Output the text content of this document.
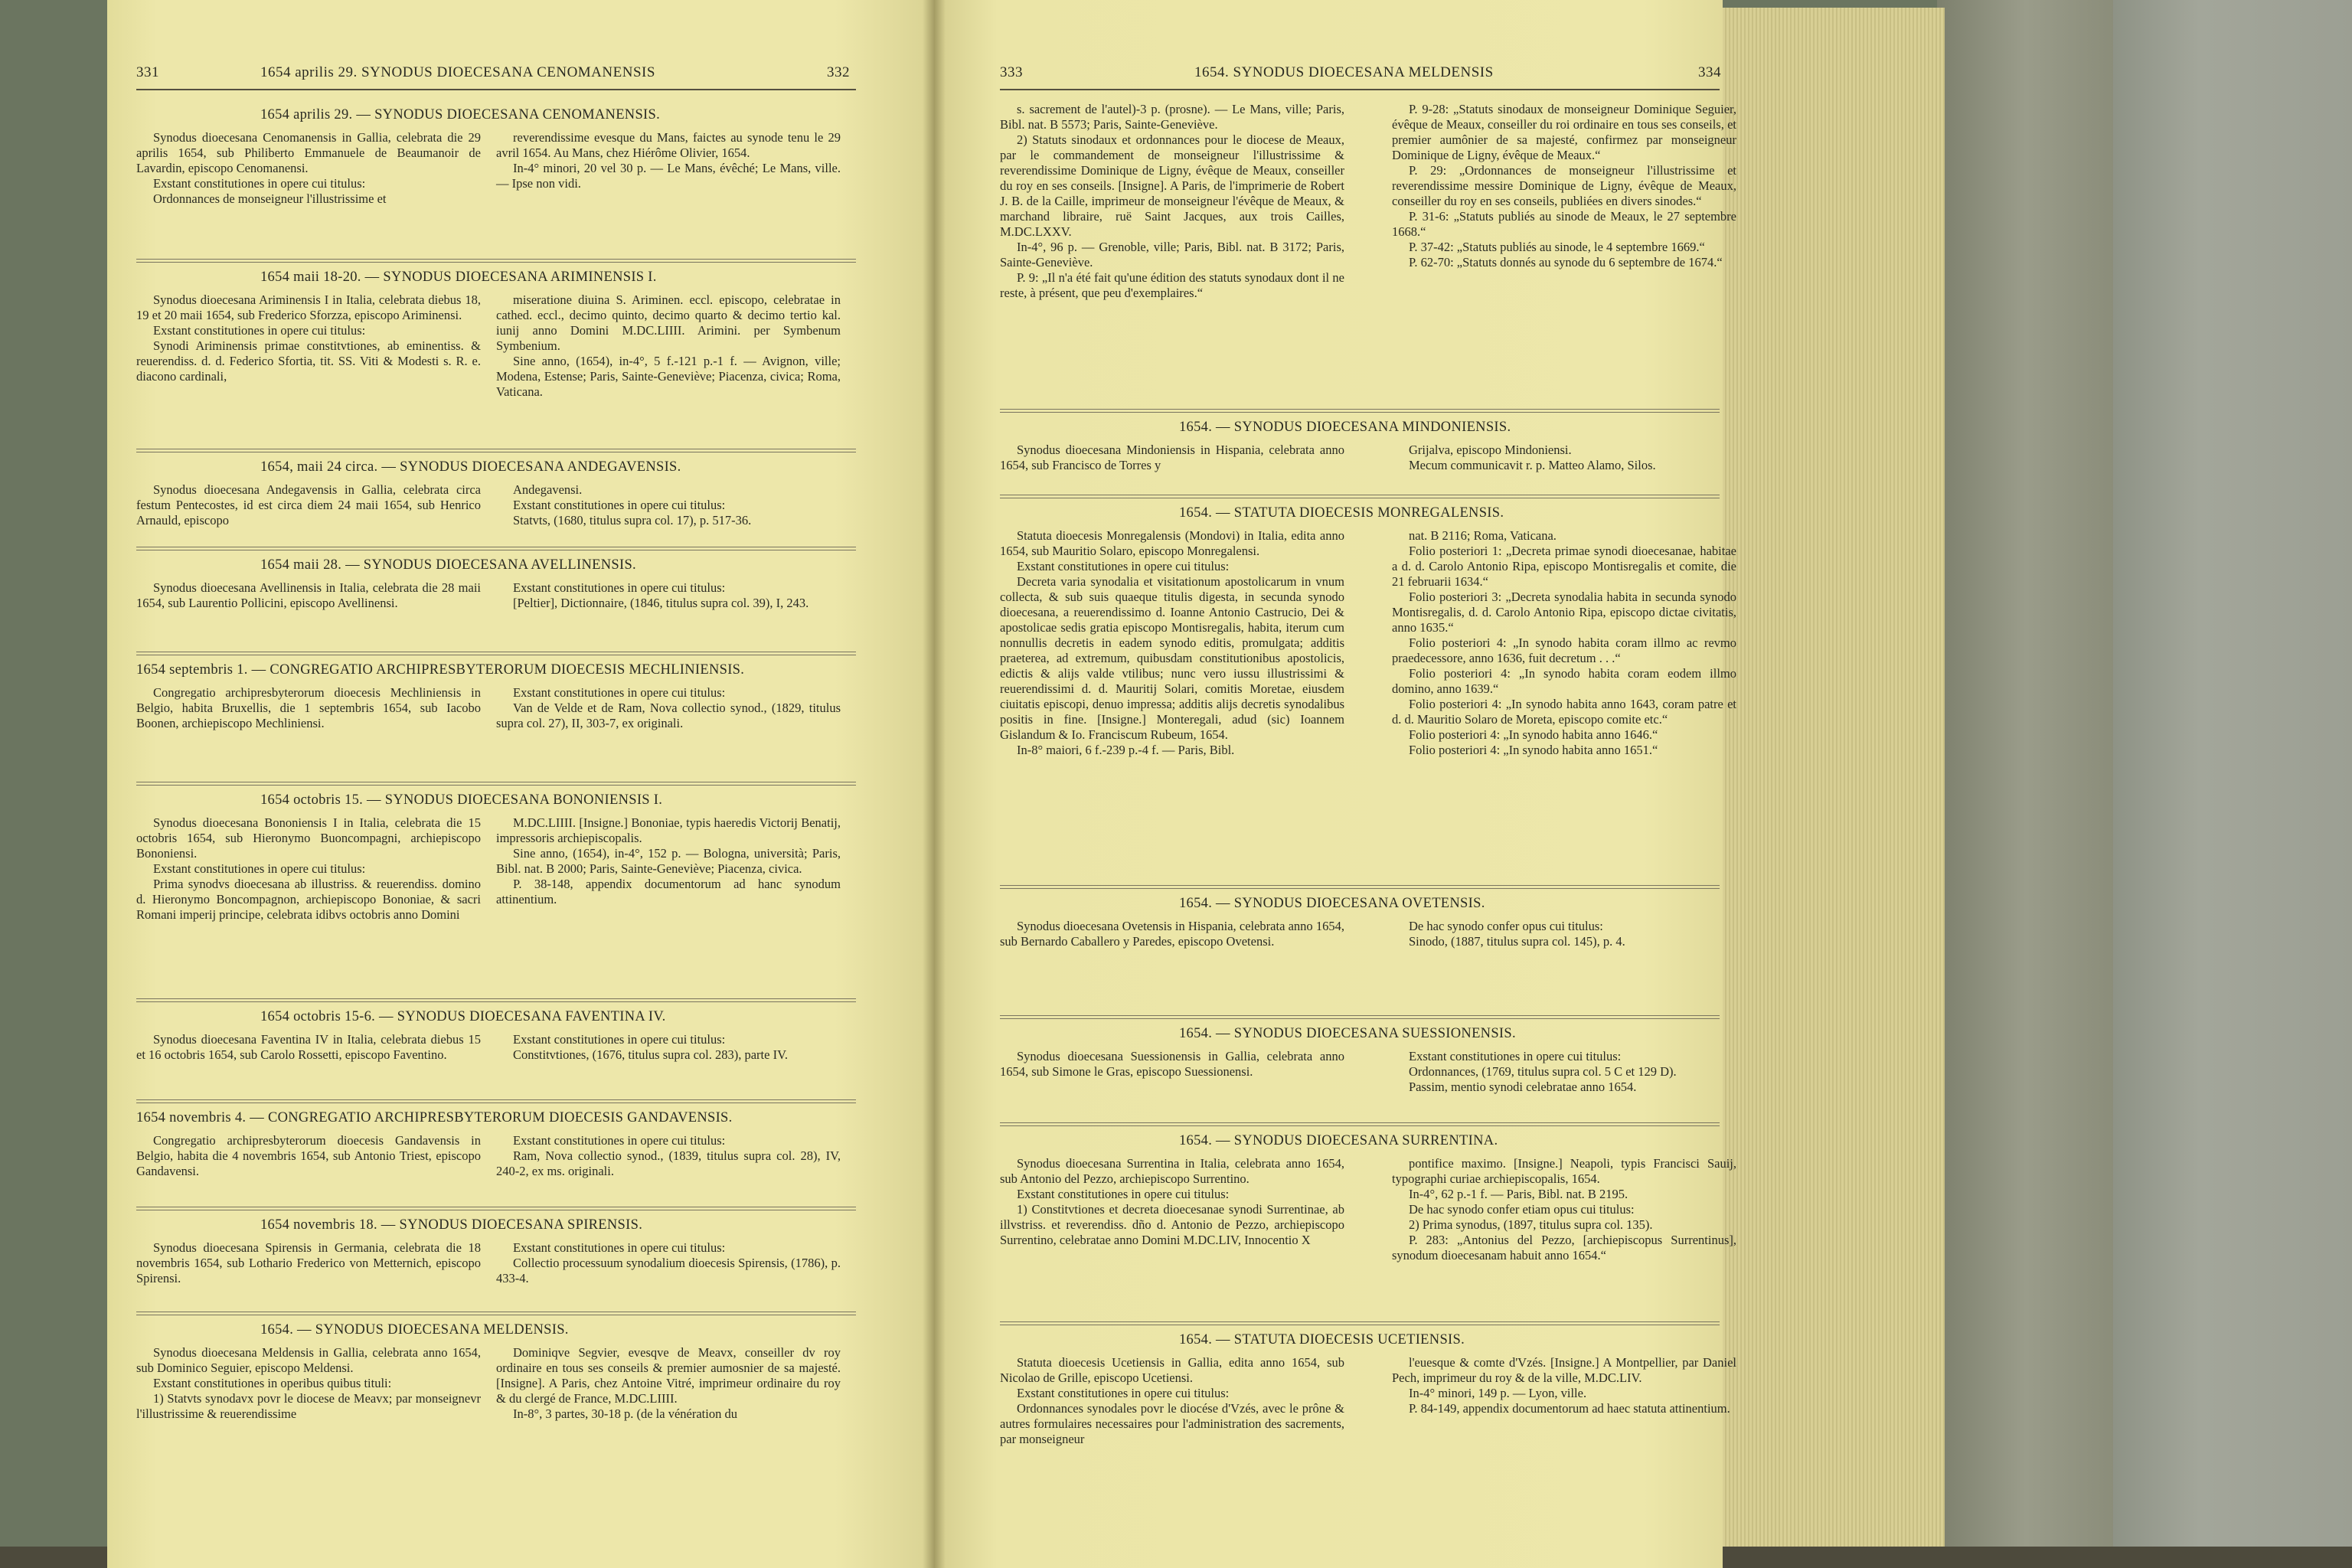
331	1654 aprilis 29. SYNODUS DIOECESANA CENOMANENSIS	332	333	1654. SYNODUS DIOECESANA MELDENSIS	334
1654 aprilis 29. — SYNODUS DIOECESANA CENOMANENSIS.

Synodus dioecesana Cenomanensis in Gallia, celebrata die 29 aprilis 1654, sub Philiberto Emmanuele de Beaumanoir de Lavardin, episcopo Cenomanensi.

Exstant constitutiones in opere cui titulus:

Ordonnances de monseigneur l'illustrissime et

reverendissime evesque du Mans, faictes au synode tenu le 29 avril 1654. Au Mans, chez Hiérôme Olivier, 1654.

In-4° minori, 20 vel 30 p. — Le Mans, évêché; Le Mans, ville. — Ipse non vidi.

1654 maii 18-20. — SYNODUS DIOECESANA ARIMINENSIS I.

Synodus dioecesana Ariminensis I in Italia, celebrata diebus 18, 19 et 20 maii 1654, sub Frederico Sforzza, episcopo Ariminensi.

Exstant constitutiones in opere cui titulus:

Synodi Ariminensis primae constitvtiones, ab eminentiss. & reuerendiss. d. d. Federico Sfortia, tit. SS. Viti & Modesti s. R. e. diacono cardinali,

miseratione diuina S. Ariminen. eccl. episcopo, celebratae in cathed. eccl., decimo quinto, decimo quarto & decimo tertio kal. iunij anno Domini M.DC.LIIII. Arimini. per Symbenum Symbenium.

Sine anno, (1654), in-4°, 5 f.-121 p.-1 f. — Avignon, ville; Modena, Estense; Paris, Sainte-Geneviève; Piacenza, civica; Roma, Vaticana.

1654, maii 24 circa. — SYNODUS DIOECESANA ANDEGAVENSIS.

Synodus dioecesana Andegavensis in Gallia, celebrata circa festum Pentecostes, id est circa diem 24 maii 1654, sub Henrico Arnauld, episcopo

Andegavensi.

Exstant constitutiones in opere cui titulus:

Statvts, (1680, titulus supra col. 17), p. 517-36.

1654 maii 28. — SYNODUS DIOECESANA AVELLINENSIS.

Synodus dioecesana Avellinensis in Italia, celebrata die 28 maii 1654, sub Laurentio Pollicini, episcopo Avellinensi.

Exstant constitutiones in opere cui titulus:

[Peltier], Dictionnaire, (1846, titulus supra col. 39), I, 243.

1654 septembris 1. — CONGREGATIO ARCHIPRESBYTERORUM DIOECESIS MECHLINIENSIS.

Congregatio archipresbyterorum dioecesis Mechliniensis in Belgio, habita Bruxellis, die 1 septembris 1654, sub Iacobo Boonen, archiepiscopo Mechliniensi.

Exstant constitutiones in opere cui titulus:

Van de Velde et de Ram, Nova collectio synod., (1829, titulus supra col. 27), II, 303-7, ex originali.

1654 octobris 15. — SYNODUS DIOECESANA BONONIENSIS I.

Synodus dioecesana Bononiensis I in Italia, celebrata die 15 octobris 1654, sub Hieronymo Buoncompagni, archiepiscopo Bononiensi.

Exstant constitutiones in opere cui titulus:

Prima synodvs dioecesana ab illustriss. & reuerendiss. domino d. Hieronymo Boncompagnon, archiepiscopo Bononiae, & sacri Romani imperij principe, celebrata idibvs octobris anno Domini

M.DC.LIIII. [Insigne.] Bononiae, typis haeredis Victorij Benatij, impressoris archiepiscopalis.

Sine anno, (1654), in-4°, 152 p. — Bologna, università; Paris, Bibl. nat. B 2000; Paris, Sainte-Geneviève; Piacenza, civica.

P. 38-148, appendix documentorum ad hanc synodum attinentium.

1654 octobris 15-6. — SYNODUS DIOECESANA FAVENTINA IV.

Synodus dioecesana Faventina IV in Italia, celebrata diebus 15 et 16 octobris 1654, sub Carolo Rossetti, episcopo Faventino.

Exstant constitutiones in opere cui titulus:

Constitvtiones, (1676, titulus supra col. 283), parte IV.

1654 novembris 4. — CONGREGATIO ARCHIPRESBYTERORUM DIOECESIS GANDAVENSIS.

Congregatio archipresbyterorum dioecesis Gandavensis in Belgio, habita die 4 novembris 1654, sub Antonio Triest, episcopo Gandavensi.

Exstant constitutiones in opere cui titulus:

Ram, Nova collectio synod., (1839, titulus supra col. 28), IV, 240-2, ex ms. originali.

1654 novembris 18. — SYNODUS DIOECESANA SPIRENSIS.

Synodus dioecesana Spirensis in Germania, celebrata die 18 novembris 1654, sub Lothario Frederico von Metternich, episcopo Spirensi.

Exstant constitutiones in opere cui titulus:

Collectio processuum synodalium dioecesis Spirensis, (1786), p. 433-4.

1654. — SYNODUS DIOECESANA MELDENSIS.

Synodus dioecesana Meldensis in Gallia, celebrata anno 1654, sub Dominico Seguier, episcopo Meldensi.

Exstant constitutiones in operibus quibus tituli:

1) Statvts synodavx povr le diocese de Meavx; par monseignevr l'illustrissime & reuerendissime

Dominiqve Segvier, evesqve de Meavx, conseiller dv roy ordinaire en tous ses conseils & premier aumosnier de sa majesté. [Insigne]. A Paris, chez Antoine Vitré, imprimeur ordinaire du roy & du clergé de France, M.DC.LIIII.

In-8°, 3 partes, 30-18 p. (de la vénération du

s. sacrement de l'autel)-3 p. (prosne). — Le Mans, ville; Paris, Bibl. nat. B 5573; Paris, Sainte-Geneviève.

2) Statuts sinodaux et ordonnances pour le diocese de Meaux, par le commandement de monseigneur l'illustrissime & reverendissime Dominique de Ligny, évêque de Meaux, conseiller du roy en ses conseils. [Insigne]. A Paris, de l'imprimerie de Robert J. B. de la Caille, imprimeur de monseigneur l'évêque de Meaux, & marchand libraire, ruë Saint Jacques, aux trois Cailles, M.DC.LXXV.

In-4°, 96 p. — Grenoble, ville; Paris, Bibl. nat. B 3172; Paris, Sainte-Geneviève.

P. 9: „Il n'a été fait qu'une édition des statuts synodaux dont il ne reste, à présent, que peu d'exemplaires.“

P. 9-28: „Statuts sinodaux de monseigneur Dominique Seguier, évêque de Meaux, conseiller du roi ordinaire en tous ses conseils, et premier aumônier de sa majesté, confirmez par monseigneur Dominique de Ligny, évêque de Meaux.“

P. 29: „Ordonnances de monseigneur l'illustrissime et reverendissime messire Dominique de Ligny, évêque de Meaux, conseiller du roy en ses conseils, publiées en divers sinodes.“

P. 31-6: „Statuts publiés au sinode de Meaux, le 27 septembre 1668.“

P. 37-42: „Statuts publiés au sinode, le 4 septembre 1669.“

P. 62-70: „Statuts donnés au synode du 6 septembre de 1674.“

1654. — SYNODUS DIOECESANA MINDONIENSIS.

Synodus dioecesana Mindoniensis in Hispania, celebrata anno 1654, sub Francisco de Torres y

Grijalva, episcopo Mindoniensi.

Mecum communicavit r. p. Matteo Alamo, Silos.

1654. — STATUTA DIOECESIS MONREGALENSIS.

Statuta dioecesis Monregalensis (Mondovi) in Italia, edita anno 1654, sub Mauritio Solaro, episcopo Monregalensi.

Exstant constitutiones in opere cui titulus:

Decreta varia synodalia et visitationum apostolicarum in vnum collecta, & sub suis quaeque titulis digesta, in secunda synodo dioecesana, a reuerendissimo d. Ioanne Antonio Castrucio, Dei & apostolicae sedis gratia episcopo Montisregalis, habita, iterum cum nonnullis decretis in eadem synodo editis, promulgata; additis praeterea, ad extremum, quibusdam constitutionibus apostolicis, edictis & alijs valde vtilibus; nunc vero iussu illustrissimi & reuerendissimi d. d. Mauritij Solari, comitis Moretae, eiusdem ciuitatis episcopi, denuo impressa; additis alijs decretis synodalibus positis in fine. [Insigne.] Monteregali, adud (sic) Ioannem Gislandum & Io. Franciscum Rubeum, 1654.

In-8° maiori, 6 f.-239 p.-4 f. — Paris, Bibl.

nat. B 2116; Roma, Vaticana.

Folio posteriori 1: „Decreta primae synodi dioecesanae, habitae a d. d. Carolo Antonio Ripa, episcopo Montisregalis et comite, die 21 februarii 1634.“

Folio posteriori 3: „Decreta synodalia habita in secunda synodo Montisregalis, d. d. Carolo Antonio Ripa, episcopo dictae civitatis, anno 1635.“

Folio posteriori 4: „In synodo habita coram illmo ac revmo praedecessore, anno 1636, fuit decretum . . .“

Folio posteriori 4: „In synodo habita coram eodem illmo domino, anno 1639.“

Folio posteriori 4: „In synodo habita anno 1643, coram patre et d. d. Mauritio Solaro de Moreta, episcopo comite etc.“

Folio posteriori 4: „In synodo habita anno 1646.“

Folio posteriori 4: „In synodo habita anno 1651.“

1654. — SYNODUS DIOECESANA OVETENSIS.

Synodus dioecesana Ovetensis in Hispania, celebrata anno 1654, sub Bernardo Caballero y Paredes, episcopo Ovetensi.

De hac synodo confer opus cui titulus:

Sinodo, (1887, titulus supra col. 145), p. 4.

1654. — SYNODUS DIOECESANA SUESSIONENSIS.

Synodus dioecesana Suessionensis in Gallia, celebrata anno 1654, sub Simone le Gras, episcopo Suessionensi.

Exstant constitutiones in opere cui titulus:

Ordonnances, (1769, titulus supra col. 5 C et 129 D).

Passim, mentio synodi celebratae anno 1654.

1654. — SYNODUS DIOECESANA SURRENTINA.

Synodus dioecesana Surrentina in Italia, celebrata anno 1654, sub Antonio del Pezzo, archiepiscopo Surrentino.

Exstant constitutiones in opere cui titulus:

1) Constitvtiones et decreta dioecesanae synodi Surrentinae, ab illvstriss. et reverendiss. dño d. Antonio de Pezzo, archiepiscopo Surrentino, celebratae anno Domini M.DC.LIV, Innocentio X

pontifice maximo. [Insigne.] Neapoli, typis Francisci Sauij, typographi curiae archiepiscopalis, 1654.

In-4°, 62 p.-1 f. — Paris, Bibl. nat. B 2195.

De hac synodo confer etiam opus cui titulus:

2) Prima synodus, (1897, titulus supra col. 135).

P. 283: „Antonius del Pezzo, [archiepiscopus Surrentinus], synodum dioecesanam habuit anno 1654.“

1654. — STATUTA DIOECESIS UCETIENSIS.

Statuta dioecesis Ucetiensis in Gallia, edita anno 1654, sub Nicolao de Grille, episcopo Ucetiensi.

Exstant constitutiones in opere cui titulus:

Ordonnances synodales povr le diocése d'Vzés, avec le prône & autres formulaires necessaires pour l'administration des sacrements, par monseigneur

l'euesque & comte d'Vzés. [Insigne.] A Montpellier, par Daniel Pech, imprimeur du roy & de la ville, M.DC.LIV.

In-4° minori, 149 p. — Lyon, ville.

P. 84-149, appendix documentorum ad haec statuta attinentium.
